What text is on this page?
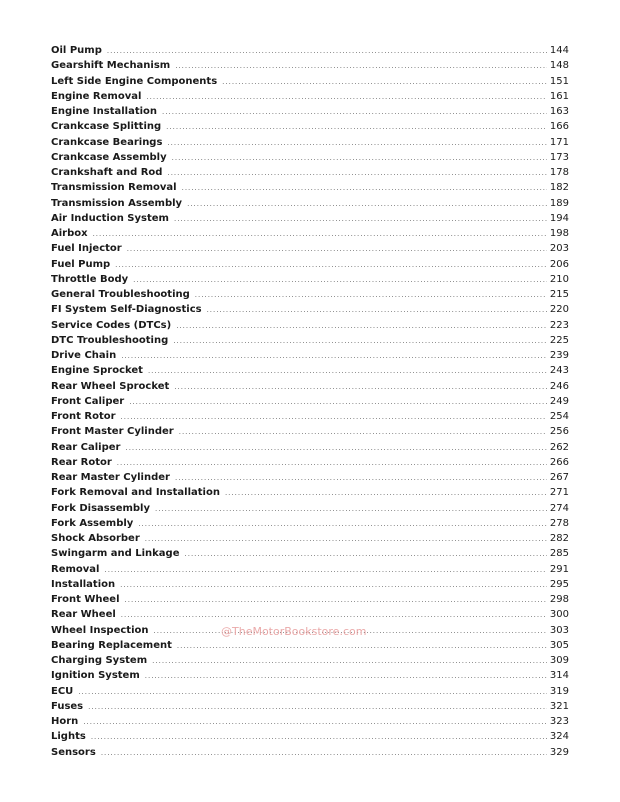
Oil Pump .....	144
Gearshift Mechanism .....	148
Left Side Engine Components .....	151
Engine Removal .....	161
Engine Installation .....	163
Crankcase Splitting .....	166
Crankcase Bearings .....	171
Crankcase Assembly .....	173
Crankshaft and Rod .....	178
Transmission Removal .....	182
Transmission Assembly .....	189
Air Induction System .....	194
Airbox .....	198
Fuel Injector .....	203
Fuel Pump .....	206
Throttle Body .....	210
General Troubleshooting .....	215
FI System Self-Diagnostics .....	220
Service Codes (DTCs) .....	223
DTC Troubleshooting .....	225
Drive Chain .....	239
Engine Sprocket .....	243
Rear Wheel Sprocket .....	246
Front Caliper .....	249
Front Rotor .....	254
Front Master Cylinder .....	256
Rear Caliper .....	262
Rear Rotor .....	266
Rear Master Cylinder .....	267
Fork Removal and Installation .....	271
Fork Disassembly .....	274
Fork Assembly .....	278
Shock Absorber .....	282
Swingarm and Linkage .....	285
Removal .....	291
Installation .....	295
Front Wheel .....	298
Rear Wheel .....	300
Wheel Inspection .....	303
Bearing Replacement .....	305
Charging System .....	309
Ignition System .....	314
ECU .....	319
Fuses .....	321
Horn .....	323
Lights .....	324
Sensors .....	329
@TheMotorBookstore.com
